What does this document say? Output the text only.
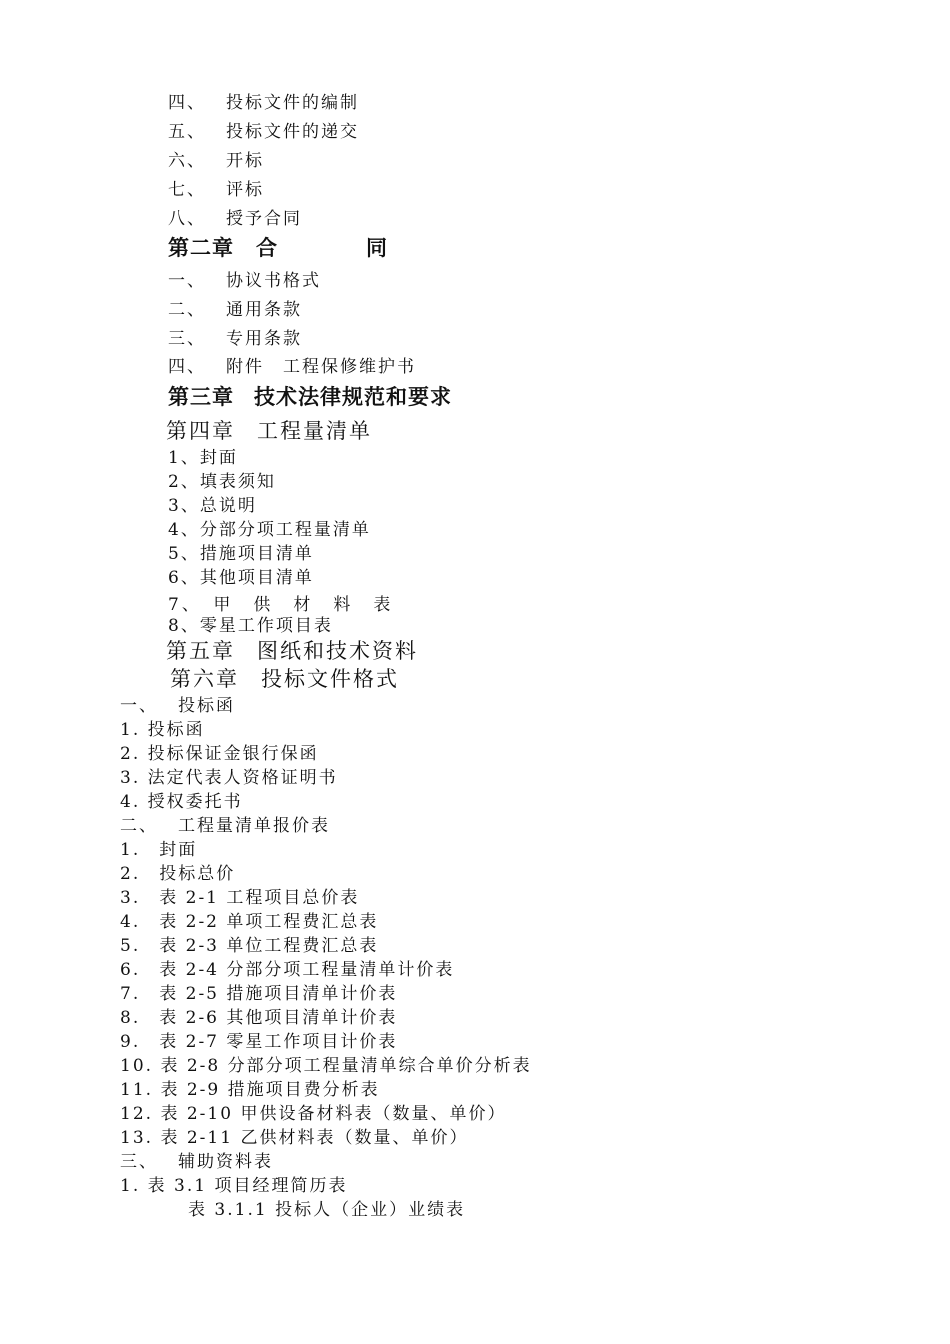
四、 投标文件的编制
五、 投标文件的递交
六、 开标
七、 评标
八、 授予合同
第二章 合	同
一、 协议书格式
二、 通用条款
三、 专用条款
四、 附件　工程保修维护书
第三章 技术法律规范和要求
第四章 工程量清单
1、封面
2、填表须知
3、总说明
4、分部分项工程量清单
5、措施项目清单
6、其他项目清单
7、　甲　供　材　料　表
8、零星工作项目表
第五章 图纸和技术资料
第六章 投标文件格式
一、 投标函
1. 投标函
2. 投标保证金银行保函
3. 法定代表人资格证明书
4. 授权委托书
二、 工程量清单报价表
1.　封面
2.　投标总价
3.　表 2-1 工程项目总价表
4.　表 2-2 单项工程费汇总表
5.　表 2-3 单位工程费汇总表
6.　表 2-4 分部分项工程量清单计价表
7.　表 2-5 措施项目清单计价表
8.　表 2-6 其他项目清单计价表
9.　表 2-7 零星工作项目计价表
10. 表 2-8 分部分项工程量清单综合单价分析表
11. 表 2-9 措施项目费分析表
12. 表 2-10 甲供设备材料表（数量、单价）
13. 表 2-11 乙供材料表（数量、单价）
三、 辅助资料表
1. 表 3.1 项目经理简历表
表 3.1.1 投标人（企业）业绩表
